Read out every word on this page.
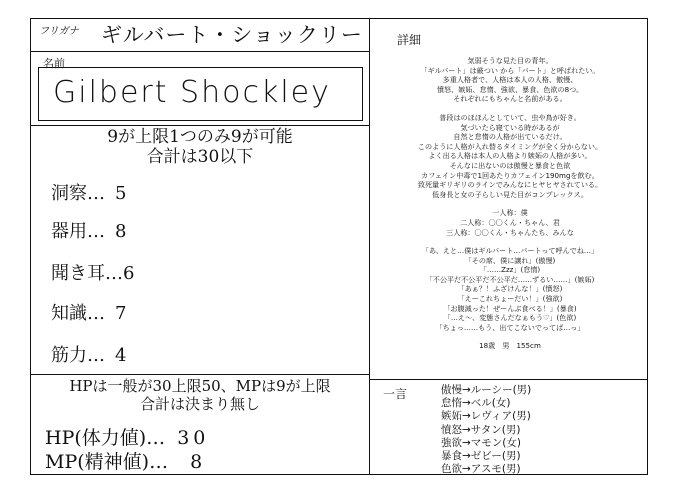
フリガナ ギルバート・ショックリー
名前
Gilbert Shockley
9が上限1つのみ9が可能
合計は30以下
洞察… 5
器用… 8
聞き耳…6
知識… 7
筋力… 4
HPは一般が30上限50、MPは9が上限
合計は決まり無し
HP(体力値)… 30
MP(精神値)… 8
詳細

気弱そうな見た目の青年。

「ギルバート」は厳つい から「バート」と呼ばれたい。

多重人格者で、人格は本人の人格、傲慢、

憤怒、嫉妬、怠惰、強欲、暴食、色欲の8つ。

それぞれにもちゃんと名前がある。

普段はのほほんとしていて、虫や鳥が好き。

気づいたら寝ている時があるが

自然と怠惰の人格が出ているだけ。

このように人格が入れ替るタイミングが全く分からない。

よく出る人格は本人の人格より嫉妬の人格が多い。

そんなに出ないのは傲慢と暴食と色欲

カフェイン中毒で1回あたりカフェイン190mgを飲む。

致死量ギリギリのラインでみんなにヒヤヒヤされている。

低身長と女の子らしい見た目がコンプレックス。

一人称：僕

二人称：〇〇くん・ちゃん、君

三人称：〇〇くん・ちゃんたち、みんな

「あ、えと…僕はギルバート…バートって呼んでね…」

「その席、僕に譲れ」(傲慢)

「……Zzz」(怠惰)

「不公平だ不公平だ不公平だ……ずるい……」(嫉妬)

「あぁ？！ふざけんな！」(憤怒)

「えーこれちょーだい！」(強欲)

「お腹減った！ぜーんぶ食べる！」(暴食)

「…え〜、変態さんだなぁもう♡」(色欲)

「ちょっ……もう、出てこないでってば…っ」

18歳　男　155cm

一言	傲慢→ルーシー(男)
怠惰→ベル(女)
嫉妬→レヴィア(男)
憤怒→サタン(男)
強欲→マモン(女)
暴食→ゼビー(男)
色欲→アスモ(男)
